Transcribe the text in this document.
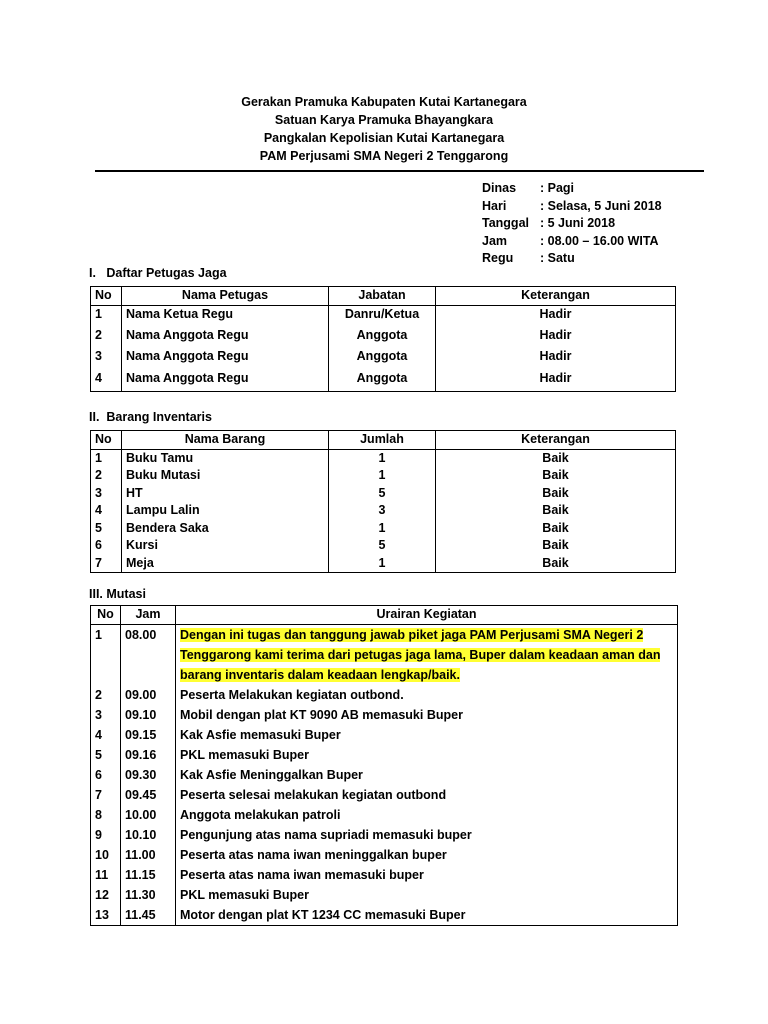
Gerakan Pramuka Kabupaten Kutai Kartanegara
Satuan Karya Pramuka Bhayangkara
Pangkalan Kepolisian Kutai Kartanegara
PAM Perjusami SMA Negeri 2 Tenggarong
Dinas	: Pagi
Hari	: Selasa, 5 Juni 2018
Tanggal : 5 Juni 2018
Jam	: 08.00 – 16.00 WITA
Regu	: Satu
I.   Daftar Petugas Jaga
No	Nama Petugas	Jabatan	Keterangan
1	Nama Ketua Regu	Danru/Ketua	Hadir
2	Nama Anggota Regu	Anggota	Hadir
3	Nama Anggota Regu	Anggota	Hadir
4	Nama Anggota Regu	Anggota	Hadir
II.  Barang Inventaris
No	Nama Barang	Jumlah	Keterangan
1	Buku Tamu	1	Baik
2	Buku Mutasi	1	Baik
3	HT	5	Baik
4	Lampu Lalin	3	Baik
5	Bendera Saka	1	Baik
6	Kursi	5	Baik
7	Meja	1	Baik
III. Mutasi
No	Jam	Urairan Kegiatan
1	08.00	Dengan ini tugas dan tanggung jawab piket jaga PAM Perjusami SMA Negeri 2
Tenggarong kami terima dari petugas jaga lama, Buper dalam keadaan aman dan
barang inventaris dalam keadaan lengkap/baik.
2	09.00	Peserta Melakukan kegiatan outbond.
3	09.10	Mobil dengan plat KT 9090 AB memasuki Buper
4	09.15	Kak Asfie memasuki Buper
5	09.16	PKL memasuki Buper
6	09.30	Kak Asfie Meninggalkan Buper
7	09.45	Peserta selesai melakukan kegiatan outbond
8	10.00	Anggota melakukan patroli
9	10.10	Pengunjung atas nama supriadi memasuki buper
10	11.00	Peserta atas nama iwan meninggalkan buper
11	11.15	Peserta atas nama iwan memasuki buper
12	11.30	PKL memasuki Buper
13	11.45	Motor dengan plat KT 1234 CC memasuki Buper
